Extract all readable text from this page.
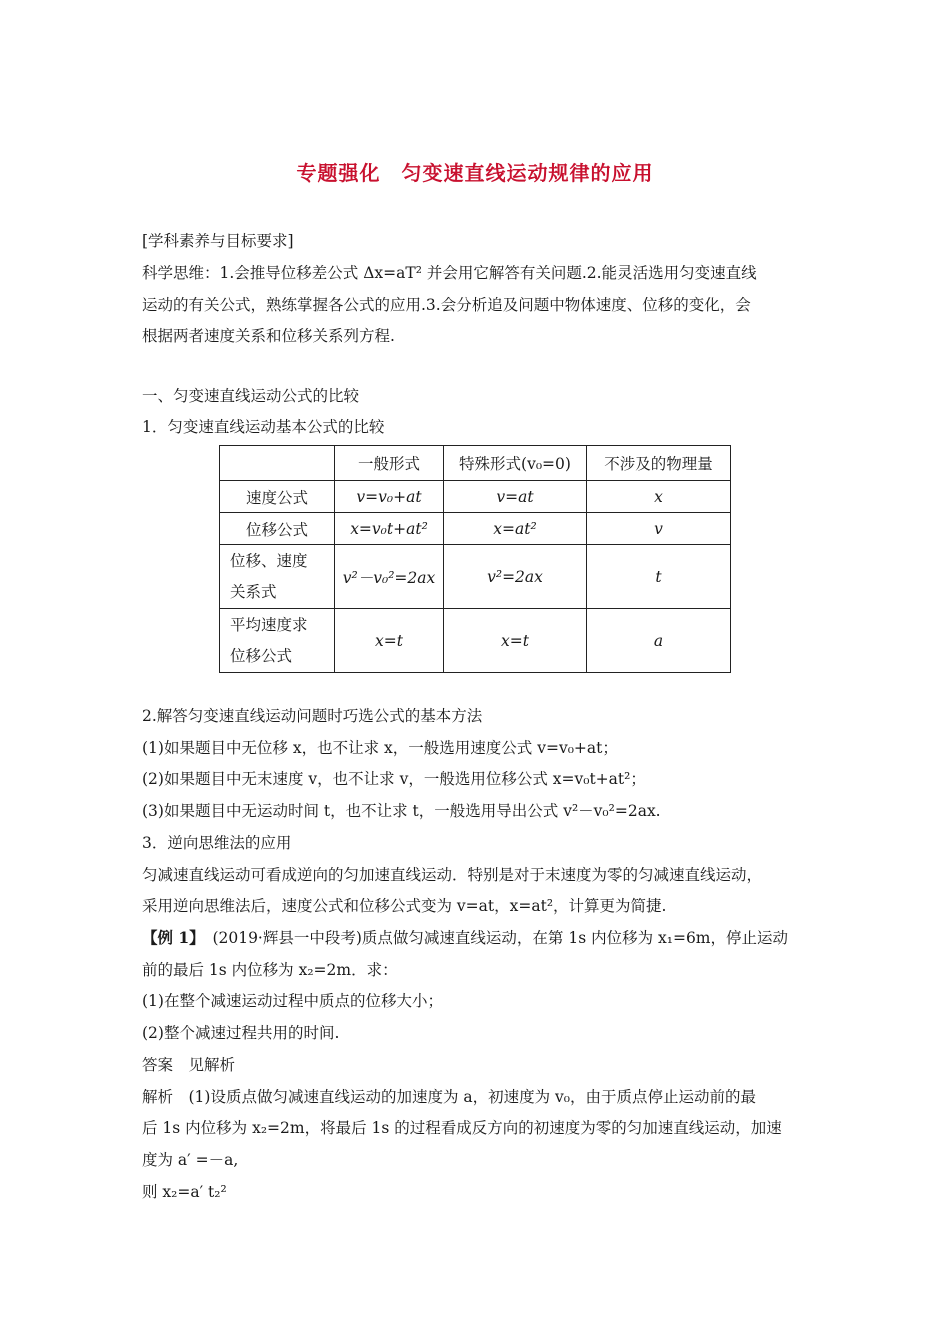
专题强化　匀变速直线运动规律的应用
[学科素养与目标要求]
科学思维：1.会推导位移差公式 Δx=aT² 并会用它解答有关问题.2.能灵活选用匀变速直线
运动的有关公式，熟练掌握各公式的应用.3.会分析追及问题中物体速度、位移的变化，会
根据两者速度关系和位移关系列方程.
一、匀变速直线运动公式的比较
1．匀变速直线运动基本公式的比较
	一般形式	特殊形式(v₀=0)	不涉及的物理量
速度公式	v=v₀+at	v=at	x
位移公式	x=v₀t+at²	x=at²	v

位移、速度
关系式	v²－v₀²=2ax	v²=2ax	t

平均速度求
位移公式	x=t	x=t	a
2.解答匀变速直线运动问题时巧选公式的基本方法
(1)如果题目中无位移 x，也不让求 x，一般选用速度公式 v=v₀+at；
(2)如果题目中无末速度 v，也不让求 v，一般选用位移公式 x=v₀t+at²；
(3)如果题目中无运动时间 t，也不让求 t，一般选用导出公式 v²－v₀²=2ax.
3．逆向思维法的应用
匀减速直线运动可看成逆向的匀加速直线运动．特别是对于末速度为零的匀减速直线运动，
采用逆向思维法后，速度公式和位移公式变为 v=at，x=at²，计算更为简捷.
【例 1】　(2019·辉县一中段考)质点做匀减速直线运动，在第 1s 内位移为 x₁=6m，停止运动
前的最后 1s 内位移为 x₂=2m．求：
(1)在整个减速运动过程中质点的位移大小；
(2)整个减速过程共用的时间.
答案　见解析
解析　(1)设质点做匀减速直线运动的加速度为 a，初速度为 v₀，由于质点停止运动前的最
后 1s 内位移为 x₂=2m，将最后 1s 的过程看成反方向的初速度为零的匀加速直线运动，加速
度为 a′ =－a,
则 x₂=a′ t₂²
